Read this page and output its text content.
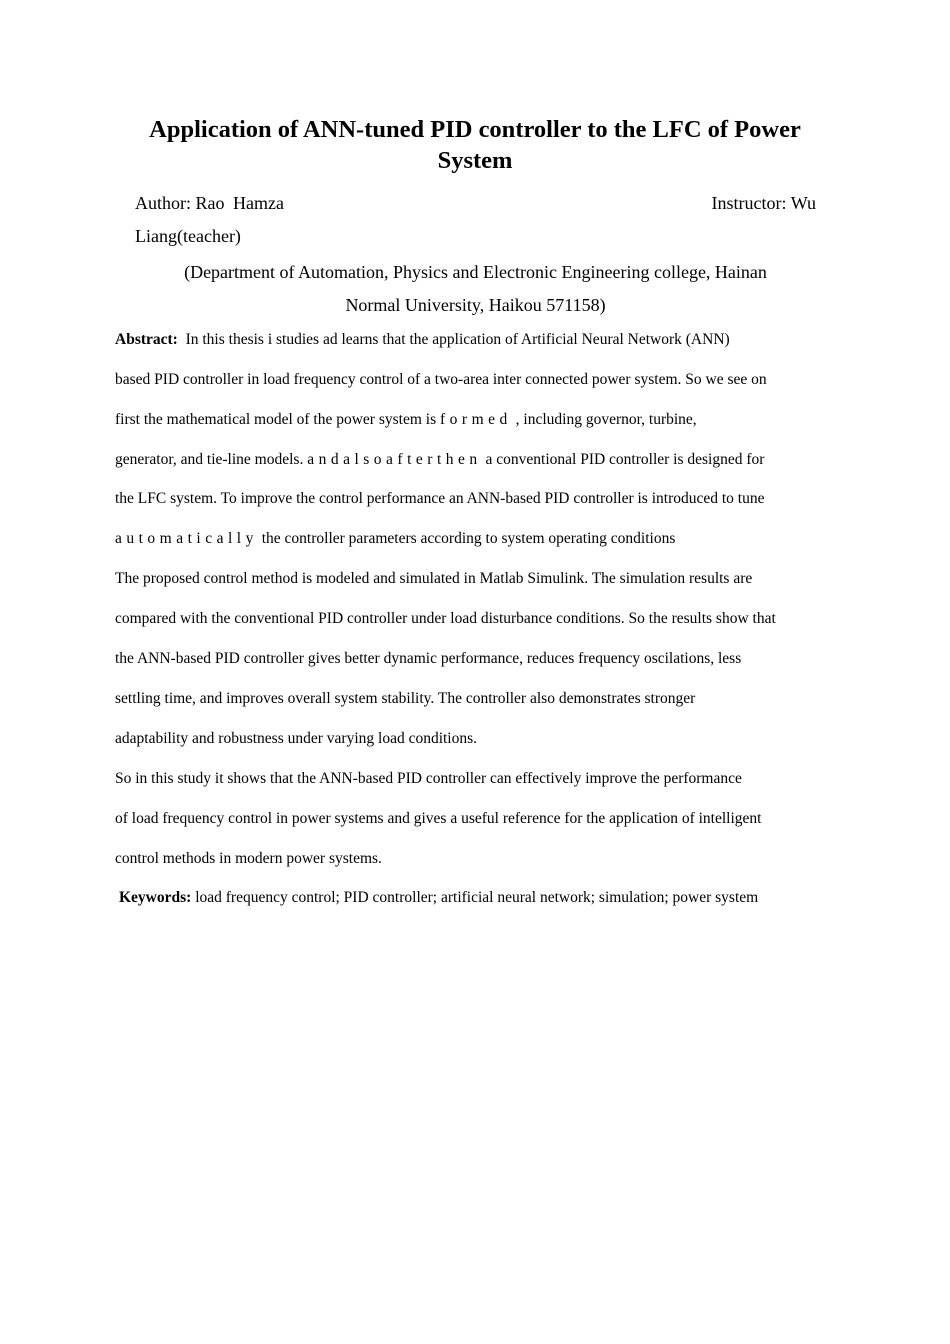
Application of ANN-tuned PID controller to the LFC of Power
System
Author: Rao Hamza	Instructor: Wu
Liang(teacher)

(Department of Automation, Physics and Electronic Engineering college, Hainan
Normal University, Haikou 571158)

Abstract: In this thesis i studies ad learns that the application of Artificial Neural Network (ANN)
based PID controller in load frequency control of a two-area inter connected power system. So we see on
first the mathematical model of the power system is formed , including governor, turbine,
generator, and tie-line models. andalsoafterthen a conventional PID controller is designed for
the LFC system. To improve the control performance an ANN-based PID controller is introduced to tune
automatically the controller parameters according to system operating conditions
The proposed control method is modeled and simulated in Matlab Simulink. The simulation results are
compared with the conventional PID controller under load disturbance conditions. So the results show that
the ANN-based PID controller gives better dynamic performance, reduces frequency oscilations, less
settling time, and improves overall system stability. The controller also demonstrates stronger
adaptability and robustness under varying load conditions.
So in this study it shows that the ANN-based PID controller can effectively improve the performance
of load frequency control in power systems and gives a useful reference for the application of intelligent
control methods in modern power systems.
Keywords: load frequency control; PID controller; artificial neural network; simulation; power system
